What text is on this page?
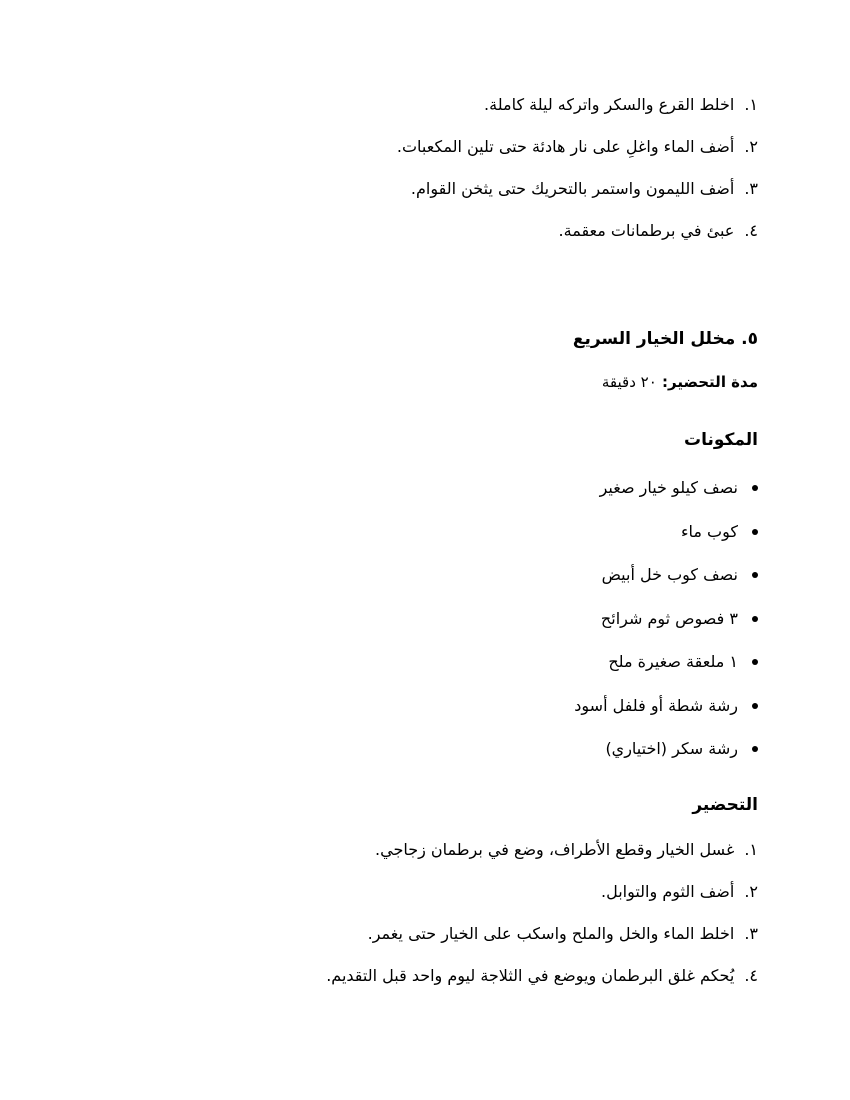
١.
اخلط القرع والسكر واتركه ليلة كاملة.
٢.
أضف الماء واغلِ على نار هادئة حتى تلين المكعبات.
٣.
أضف الليمون واستمر بالتحريك حتى يثخن القوام.
٤.
عبئ في برطمانات معقمة.
٥. مخلل الخيار السريع
مدة التحضير: ٢٠ دقيقة
المكونات
نصف كيلو خيار صغير
كوب ماء
نصف كوب خل أبيض
٣ فصوص ثوم شرائح
١ ملعقة صغيرة ملح
رشة شطة أو فلفل أسود
رشة سكر (اختياري)
التحضير
١.
غسل الخيار وقطع الأطراف، وضع في برطمان زجاجي.
٢.
أضف الثوم والتوابل.
٣.
اخلط الماء والخل والملح واسكب على الخيار حتى يغمر.
٤.
يُحكم غلق البرطمان ويوضع في الثلاجة ليوم واحد قبل التقديم.
